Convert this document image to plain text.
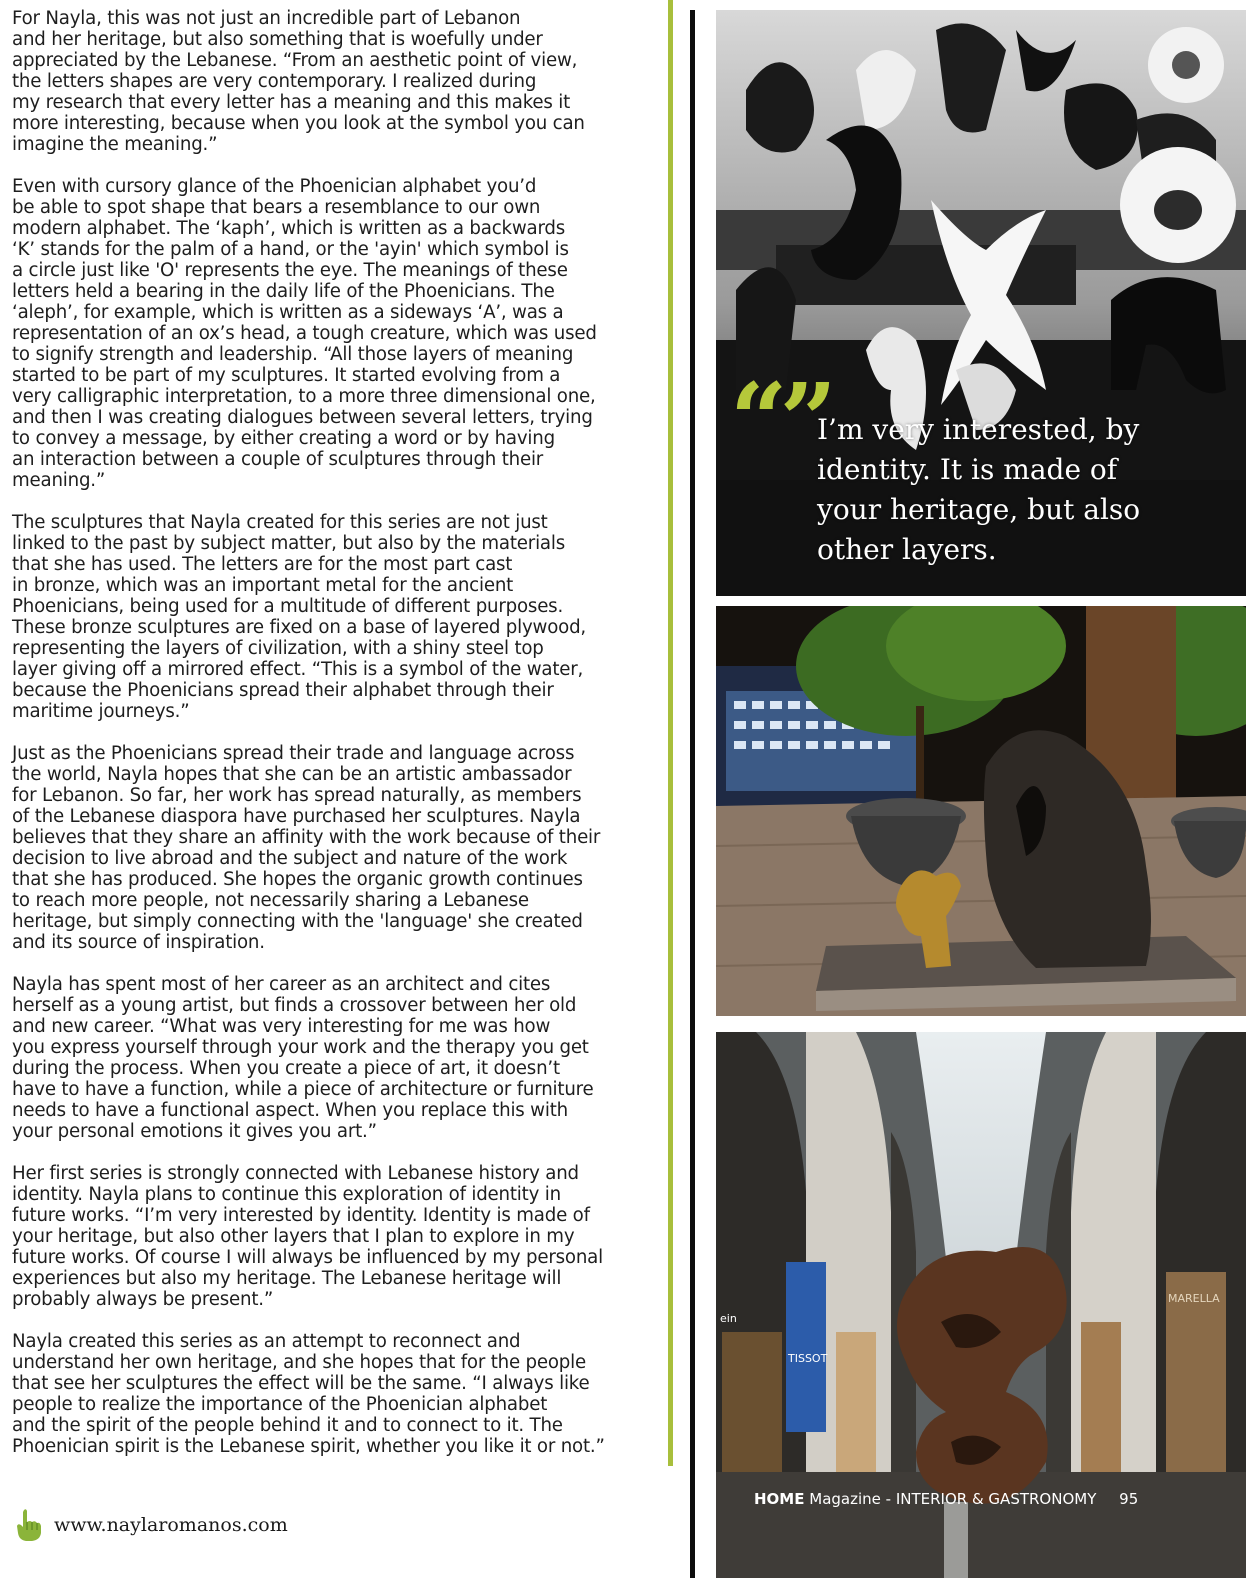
For Nayla, this was not just an incredible part of Lebanon
and her heritage, but also something that is woefully under
appreciated by the Lebanese. “From an aesthetic point of view,
the letters shapes are very contemporary. I realized during
my research that every letter has a meaning and this makes it
more interesting, because when you look at the symbol you can
imagine the meaning.”

Even with cursory glance of the Phoenician alphabet you’d
be able to spot shape that bears a resemblance to our own
modern alphabet. The ‘kaph’, which is written as a backwards
‘K’ stands for the palm of a hand, or the 'ayin' which symbol is
a circle just like 'O' represents the eye. The meanings of these
letters held a bearing in the daily life of the Phoenicians. The
‘aleph’, for example, which is written as a sideways ‘A’, was a
representation of an ox’s head, a tough creature, which was used
to signify strength and leadership. “All those layers of meaning
started to be part of my sculptures. It started evolving from a
very calligraphic interpretation, to a more three dimensional one,
and then I was creating dialogues between several letters, trying
to convey a message, by either creating a word or by having
an interaction between a couple of sculptures through their
meaning.”

The sculptures that Nayla created for this series are not just
linked to the past by subject matter, but also by the materials
that she has used. The letters are for the most part cast
in bronze, which was an important metal for the ancient
Phoenicians, being used for a multitude of different purposes.
These bronze sculptures are fixed on a base of layered plywood,
representing the layers of civilization, with a shiny steel top
layer giving off a mirrored effect. “This is a symbol of the water,
because the Phoenicians spread their alphabet through their
maritime journeys.”

Just as the Phoenicians spread their trade and language across
the world, Nayla hopes that she can be an artistic ambassador
for Lebanon. So far, her work has spread naturally, as members
of the Lebanese diaspora have purchased her sculptures. Nayla
believes that they share an affinity with the work because of their
decision to live abroad and the subject and nature of the work
that she has produced. She hopes the organic growth continues
to reach more people, not necessarily sharing a Lebanese
heritage, but simply connecting with the 'language' she created
and its source of inspiration.

Nayla has spent most of her career as an architect and cites
herself as a young artist, but finds a crossover between her old
and new career. “What was very interesting for me was how
you express yourself through your work and the therapy you get
during the process. When you create a piece of art, it doesn’t
have to have a function, while a piece of architecture or furniture
needs to have a functional aspect. When you replace this with
your personal emotions it gives you art.”

Her first series is strongly connected with Lebanese history and
identity. Nayla plans to continue this exploration of identity in
future works. “I’m very interested by identity. Identity is made of
your heritage, but also other layers that I plan to explore in my
future works. Of course I will always be influenced by my personal
experiences but also my heritage. The Lebanese heritage will
probably always be present.”

Nayla created this series as an attempt to reconnect and
understand her own heritage, and she hopes that for the people
that see her sculptures the effect will be the same. “I always like
people to realize the importance of the Phoenician alphabet
and the spirit of the people behind it and to connect to it. The
Phoenician spirit is the Lebanese spirit, whether you like it or not.”

www.naylaromanos.com
“”
I’m very interested, by
identity. It is made of
your heritage, but also
other layers.
ein
TISSOT
MARELLA
HOME Magazine - INTERIOR & GASTRONOMY 95
